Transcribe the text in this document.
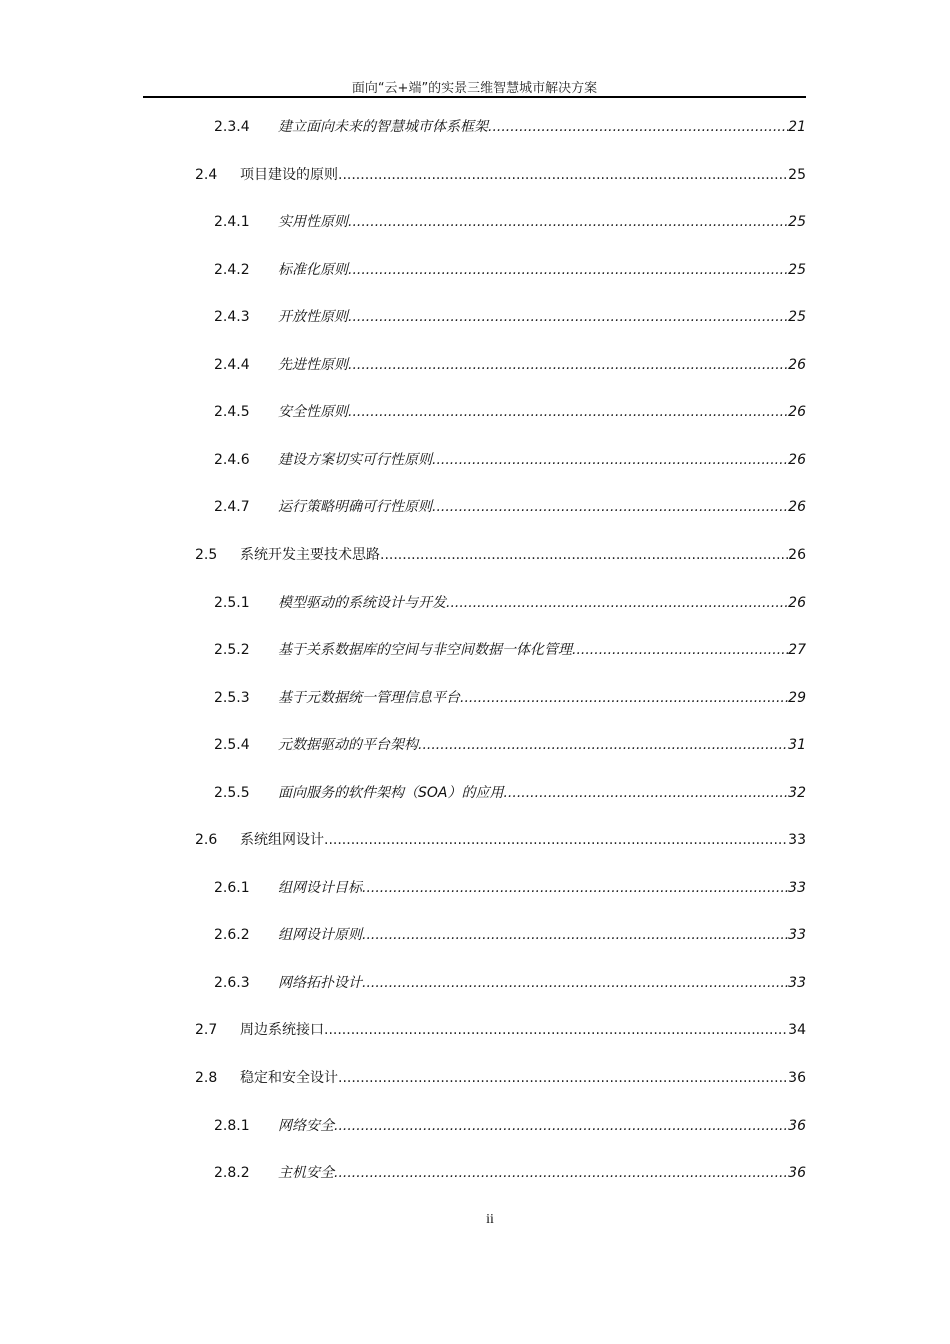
面向“云+端”的实景三维智慧城市解决方案
2.3.4	建立面向未来的智慧城市体系框架 .....	21
2.4	项目建设的原则 .....	25
2.4.1	实用性原则 .....	25
2.4.2	标准化原则 .....	25
2.4.3	开放性原则 .....	25
2.4.4	先进性原则 .....	26
2.4.5	安全性原则 .....	26
2.4.6	建设方案切实可行性原则 .....	26
2.4.7	运行策略明确可行性原则 .....	26
2.5	系统开发主要技术思路 .....	26
2.5.1	模型驱动的系统设计与开发 .....	26
2.5.2	基于关系数据库的空间与非空间数据一体化管理 .....	27
2.5.3	基于元数据统一管理信息平台 .....	29
2.5.4	元数据驱动的平台架构 .....	31
2.5.5	面向服务的软件架构（SOA）的应用 .....	32
2.6	系统组网设计 .....	33
2.6.1	组网设计目标 .....	33
2.6.2	组网设计原则 .....	33
2.6.3	网络拓扑设计 .....	33
2.7	周边系统接口 .....	34
2.8	稳定和安全设计 .....	36
2.8.1	网络安全 .....	36
2.8.2	主机安全 .....	36
ii
